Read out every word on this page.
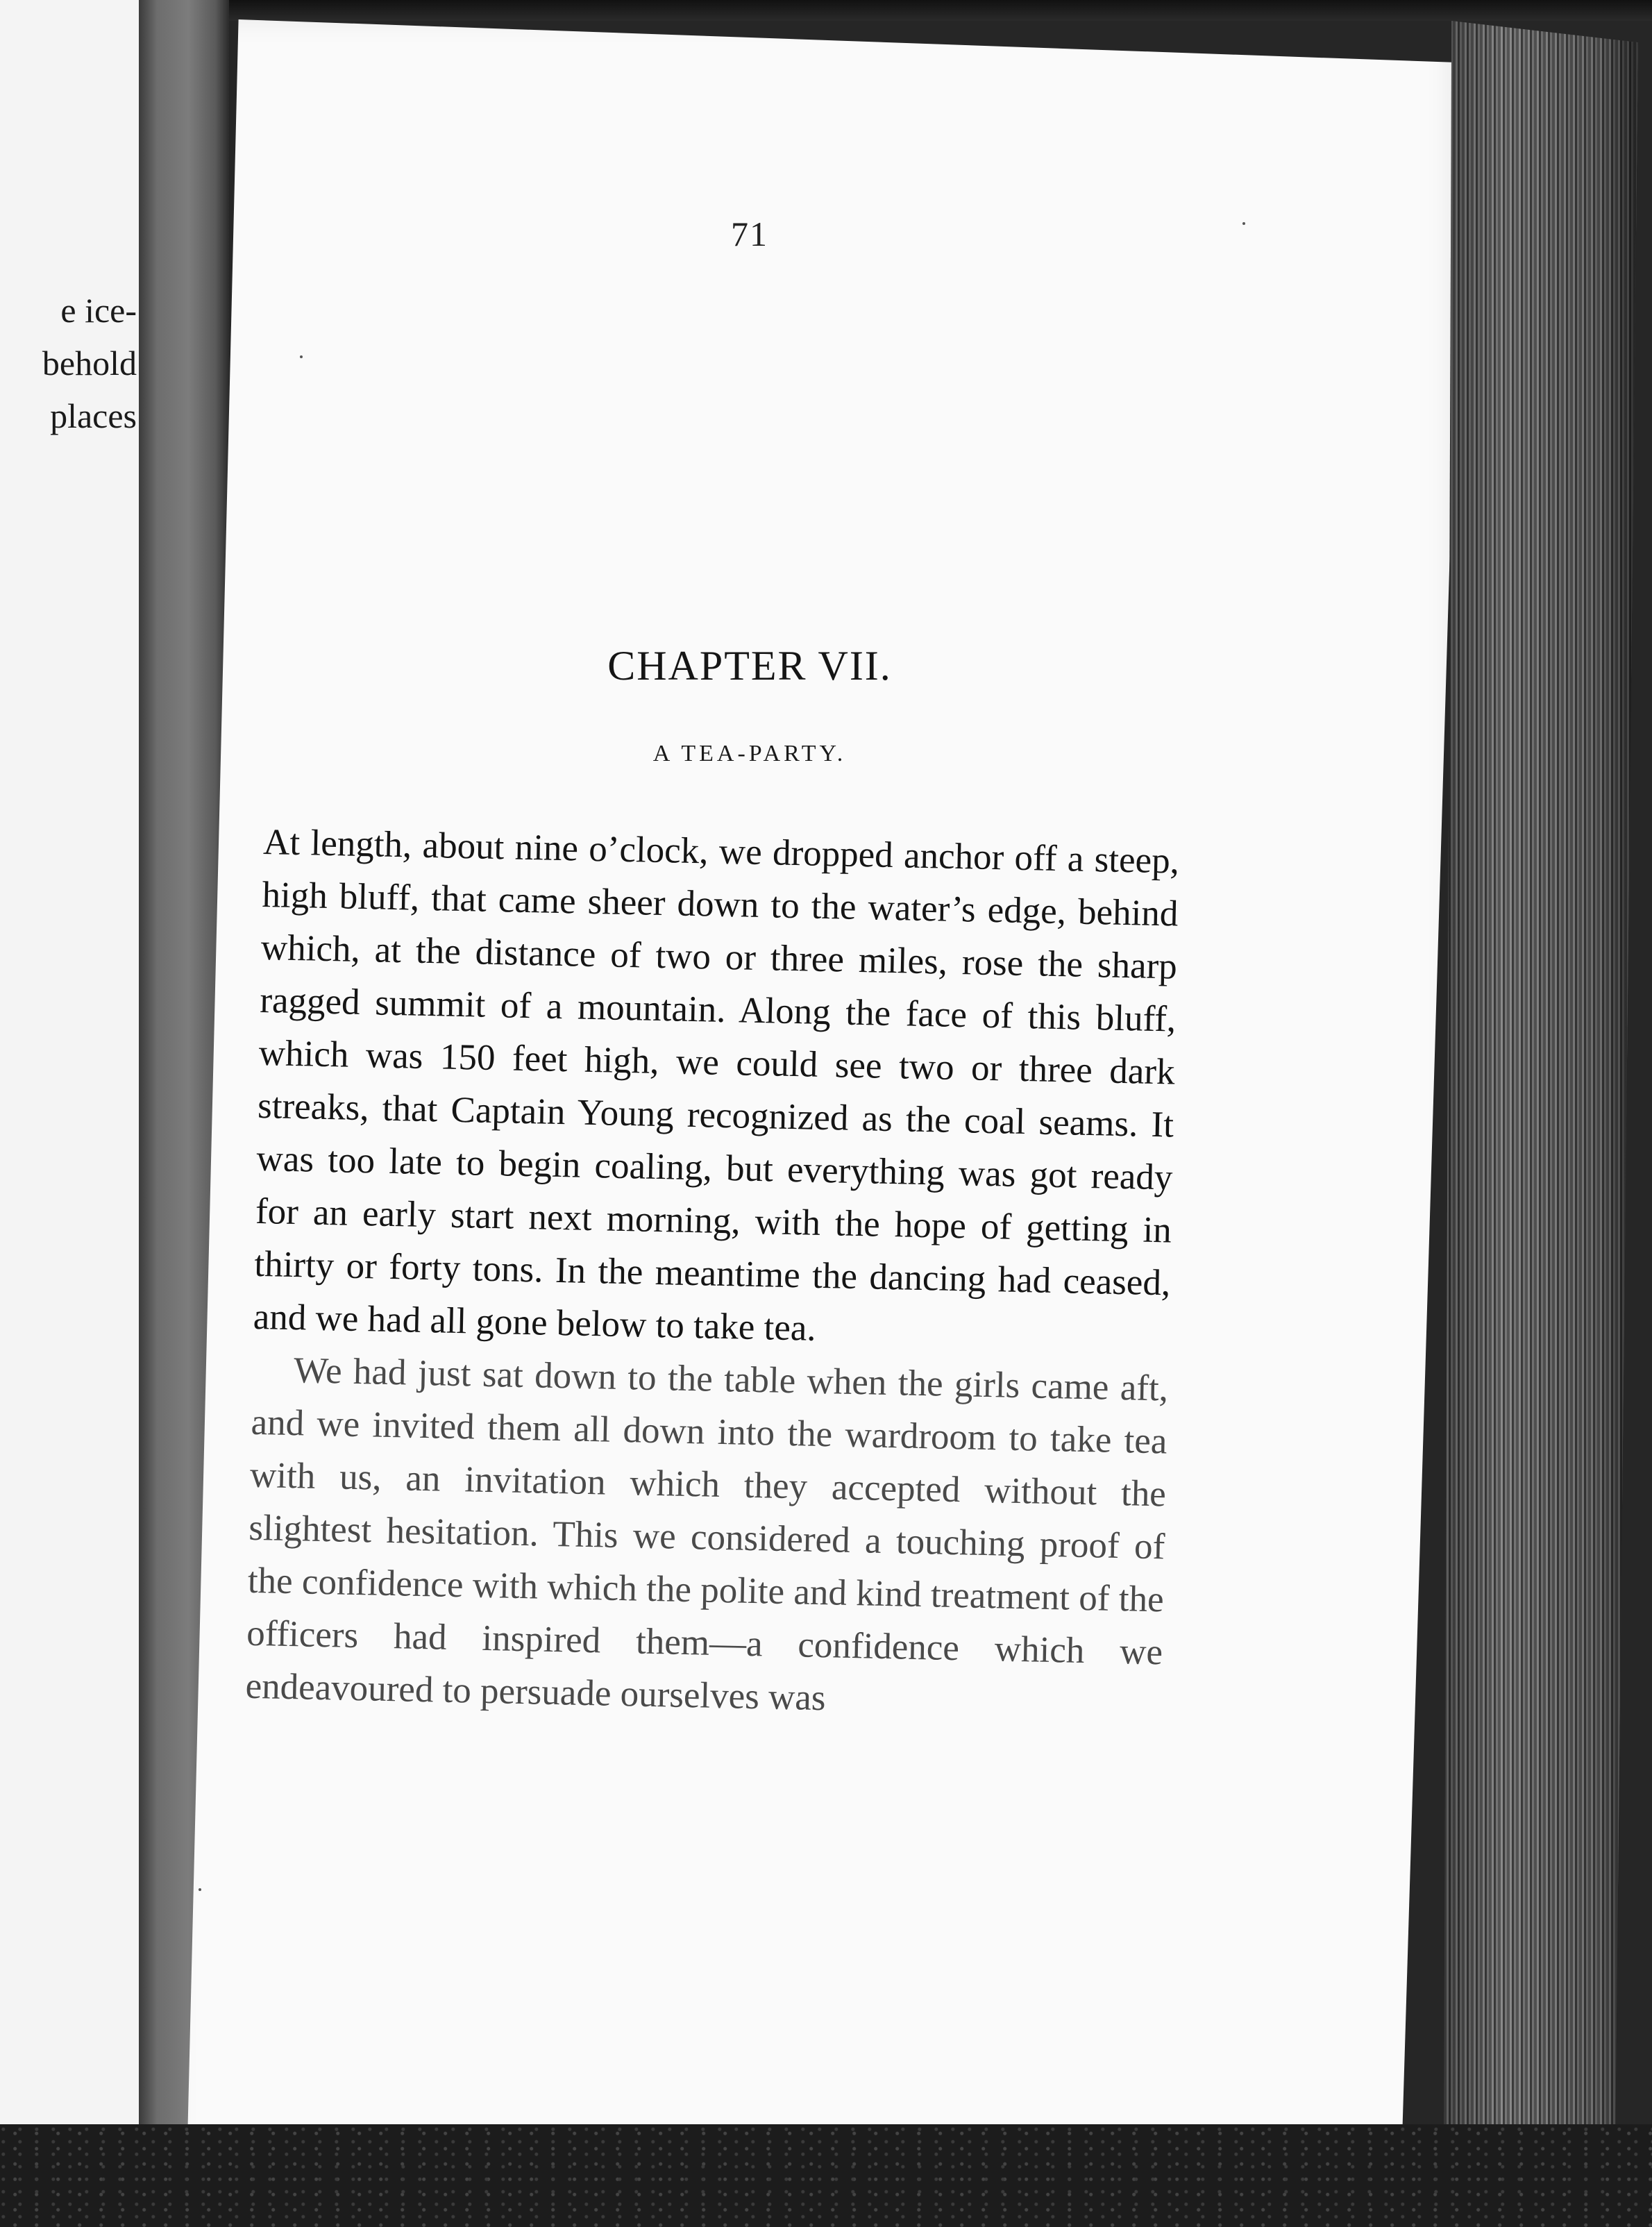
e ice-
behold
places
71
CHAPTER VII.
A TEA-PARTY.

At length, about nine o’clock, we dropped anchor off a steep, high bluff, that came sheer down to the water’s edge, behind which, at the distance of two or three miles, rose the sharp ragged summit of a mountain. Along the face of this bluff, which was 150 feet high, we could see two or three dark streaks, that Captain Young recognized as the coal seams. It was too late to begin coaling, but everything was got ready for an early start next morning, with the hope of getting in thirty or forty tons. In the meantime the dancing had ceased, and we had all gone below to take tea.

We had just sat down to the table when the girls came aft, and we invited them all down into the wardroom to take tea with us, an invitation which they accepted without the slightest hesitation. This we considered a touching proof of the confidence with which the polite and kind treatment of the officers had inspired them—a confidence which we endeavoured to persuade ourselves was
